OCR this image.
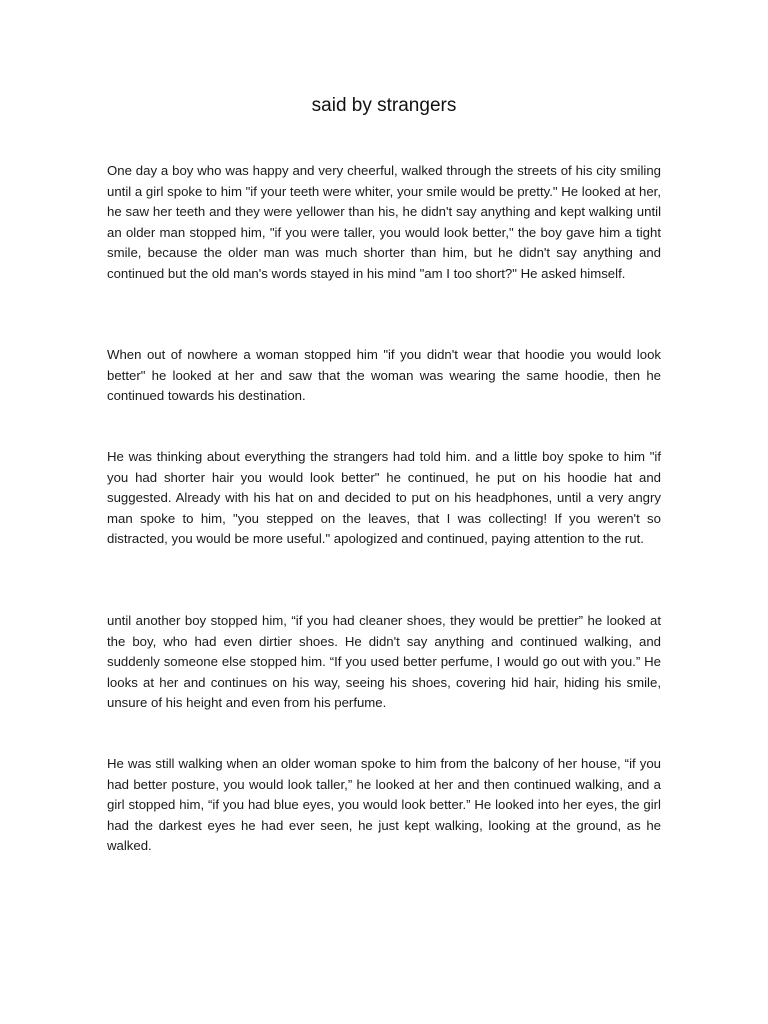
said by strangers

One day a boy who was happy and very cheerful, walked through the streets of his city smiling until a girl spoke to him "if your teeth were whiter, your smile would be pretty." He looked at her, he saw her teeth and they were yellower than his, he didn't say anything and kept walking until an older man stopped him, "if you were taller, you would look better," the boy gave him a tight smile, because the older man was much shorter than him, but he didn't say anything and continued but the old man's words stayed in his mind "am I too short?" He asked himself.

When out of nowhere a woman stopped him "if you didn't wear that hoodie you would look better" he looked at her and saw that the woman was wearing the same hoodie, then he continued towards his destination.

He was thinking about everything the strangers had told him. and a little boy spoke to him "if you had shorter hair you would look better" he continued, he put on his hoodie hat and suggested. Already with his hat on and decided to put on his headphones, until a very angry man spoke to him, "you stepped on the leaves, that I was collecting! If you weren't so distracted, you would be more useful." apologized and continued, paying attention to the rut.

until another boy stopped him, “if you had cleaner shoes, they would be prettier” he looked at the boy, who had even dirtier shoes. He didn't say anything and continued walking, and suddenly someone else stopped him. “If you used better perfume, I would go out with you.” He looks at her and continues on his way, seeing his shoes, covering hid hair, hiding his smile, unsure of his height and even from his perfume.

He was still walking when an older woman spoke to him from the balcony of her house, “if you had better posture, you would look taller,” he looked at her and then continued walking, and a girl stopped him, “if you had blue eyes, you would look better.” He looked into her eyes, the girl had the darkest eyes he had ever seen, he just kept walking, looking at the ground, as he walked.
